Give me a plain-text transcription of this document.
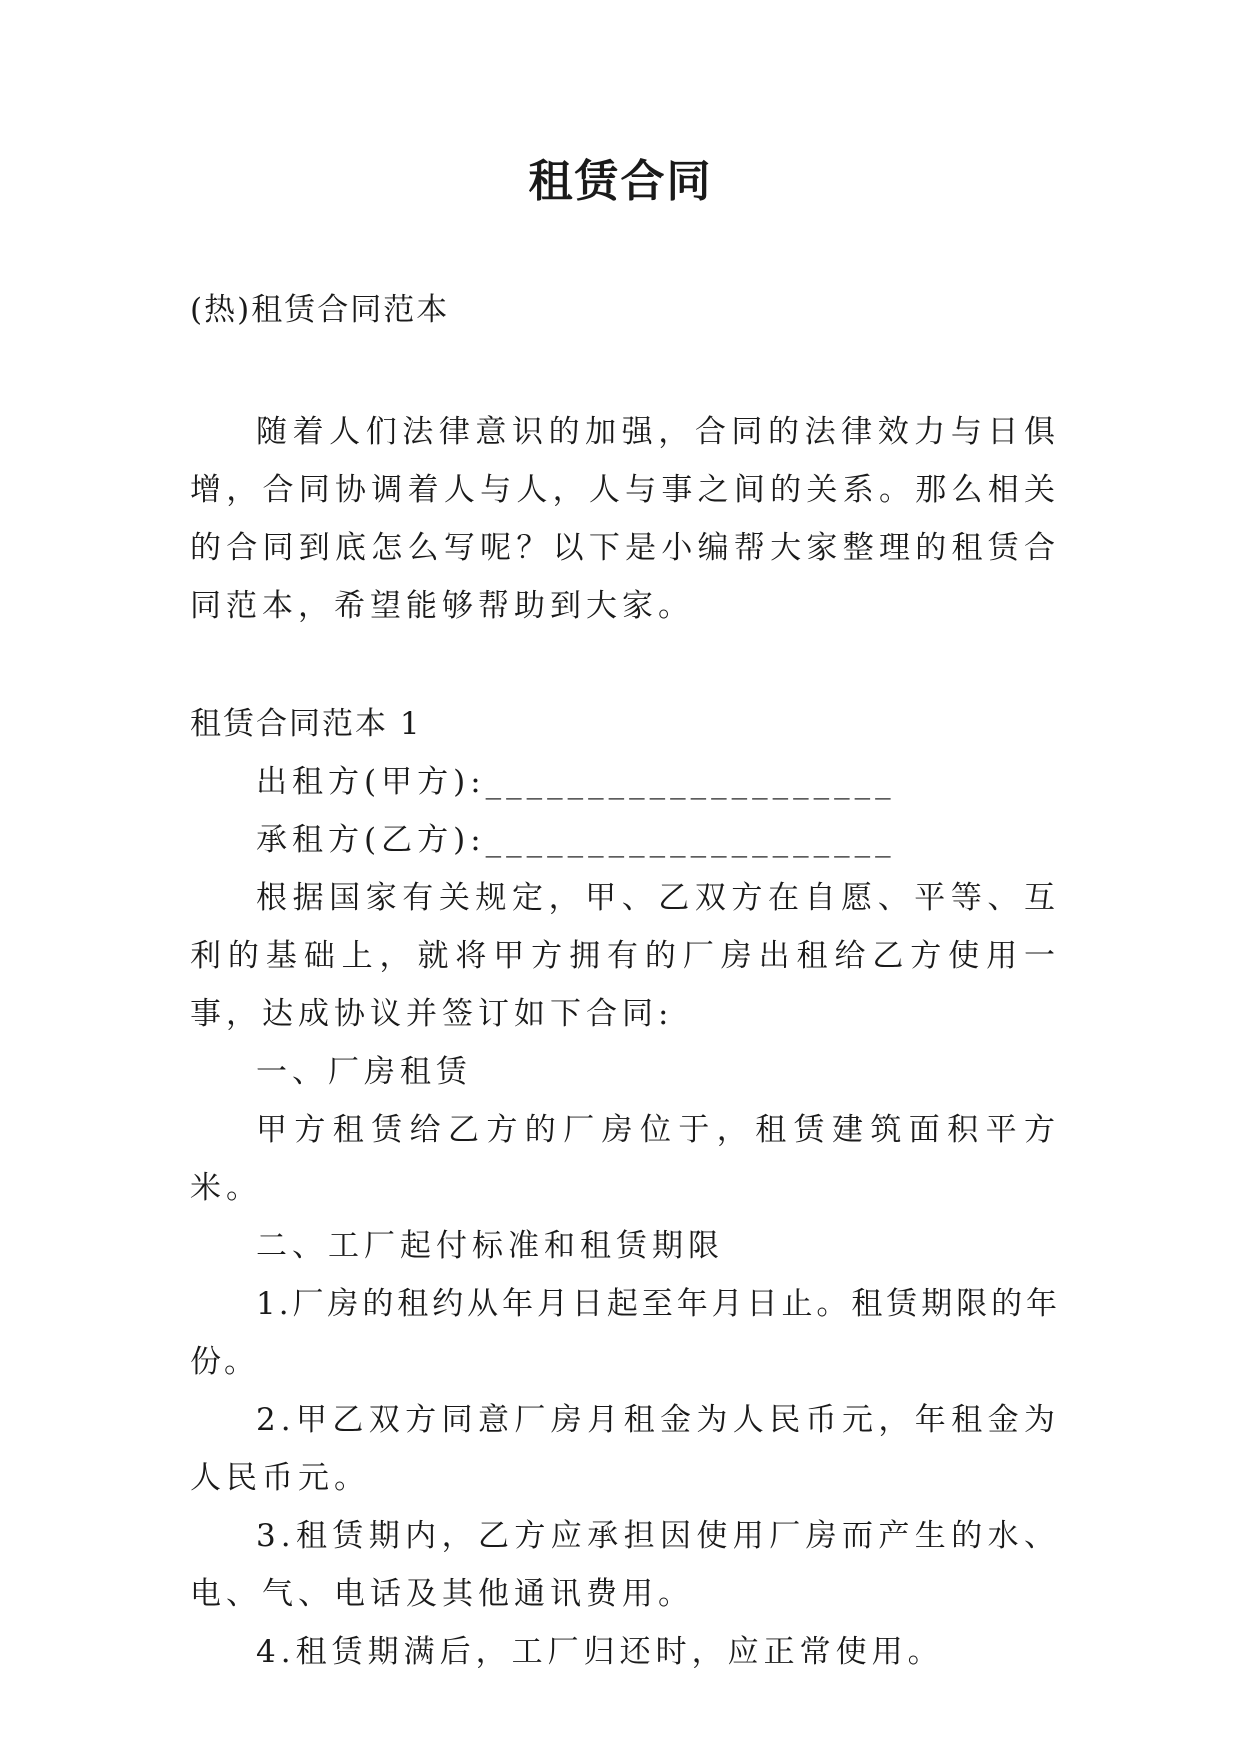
租赁合同

(热)租赁合同范本

随着人们法律意识的加强，合同的法律效力与日俱增，合同协调着人与人，人与事之间的关系。那么相关的合同到底怎么写呢？以下是小编帮大家整理的租赁合同范本，希望能够帮助到大家。

租赁合同范本 1

出租方(甲方):____________________
承租方(乙方):____________________
根据国家有关规定，甲、乙双方在自愿、平等、互利的基础上，就将甲方拥有的厂房出租给乙方使用一事，达成协议并签订如下合同:
一、厂房租赁
甲方租赁给乙方的厂房位于，租赁建筑面积平方米。
二、工厂起付标准和租赁期限
1.厂房的租约从年月日起至年月日止。租赁期限的年份。
2.甲乙双方同意厂房月租金为人民币元，年租金为人民币元。
3.租赁期内，乙方应承担因使用厂房而产生的水、电、气、电话及其他通讯费用。
4.租赁期满后，工厂归还时，应正常使用。
